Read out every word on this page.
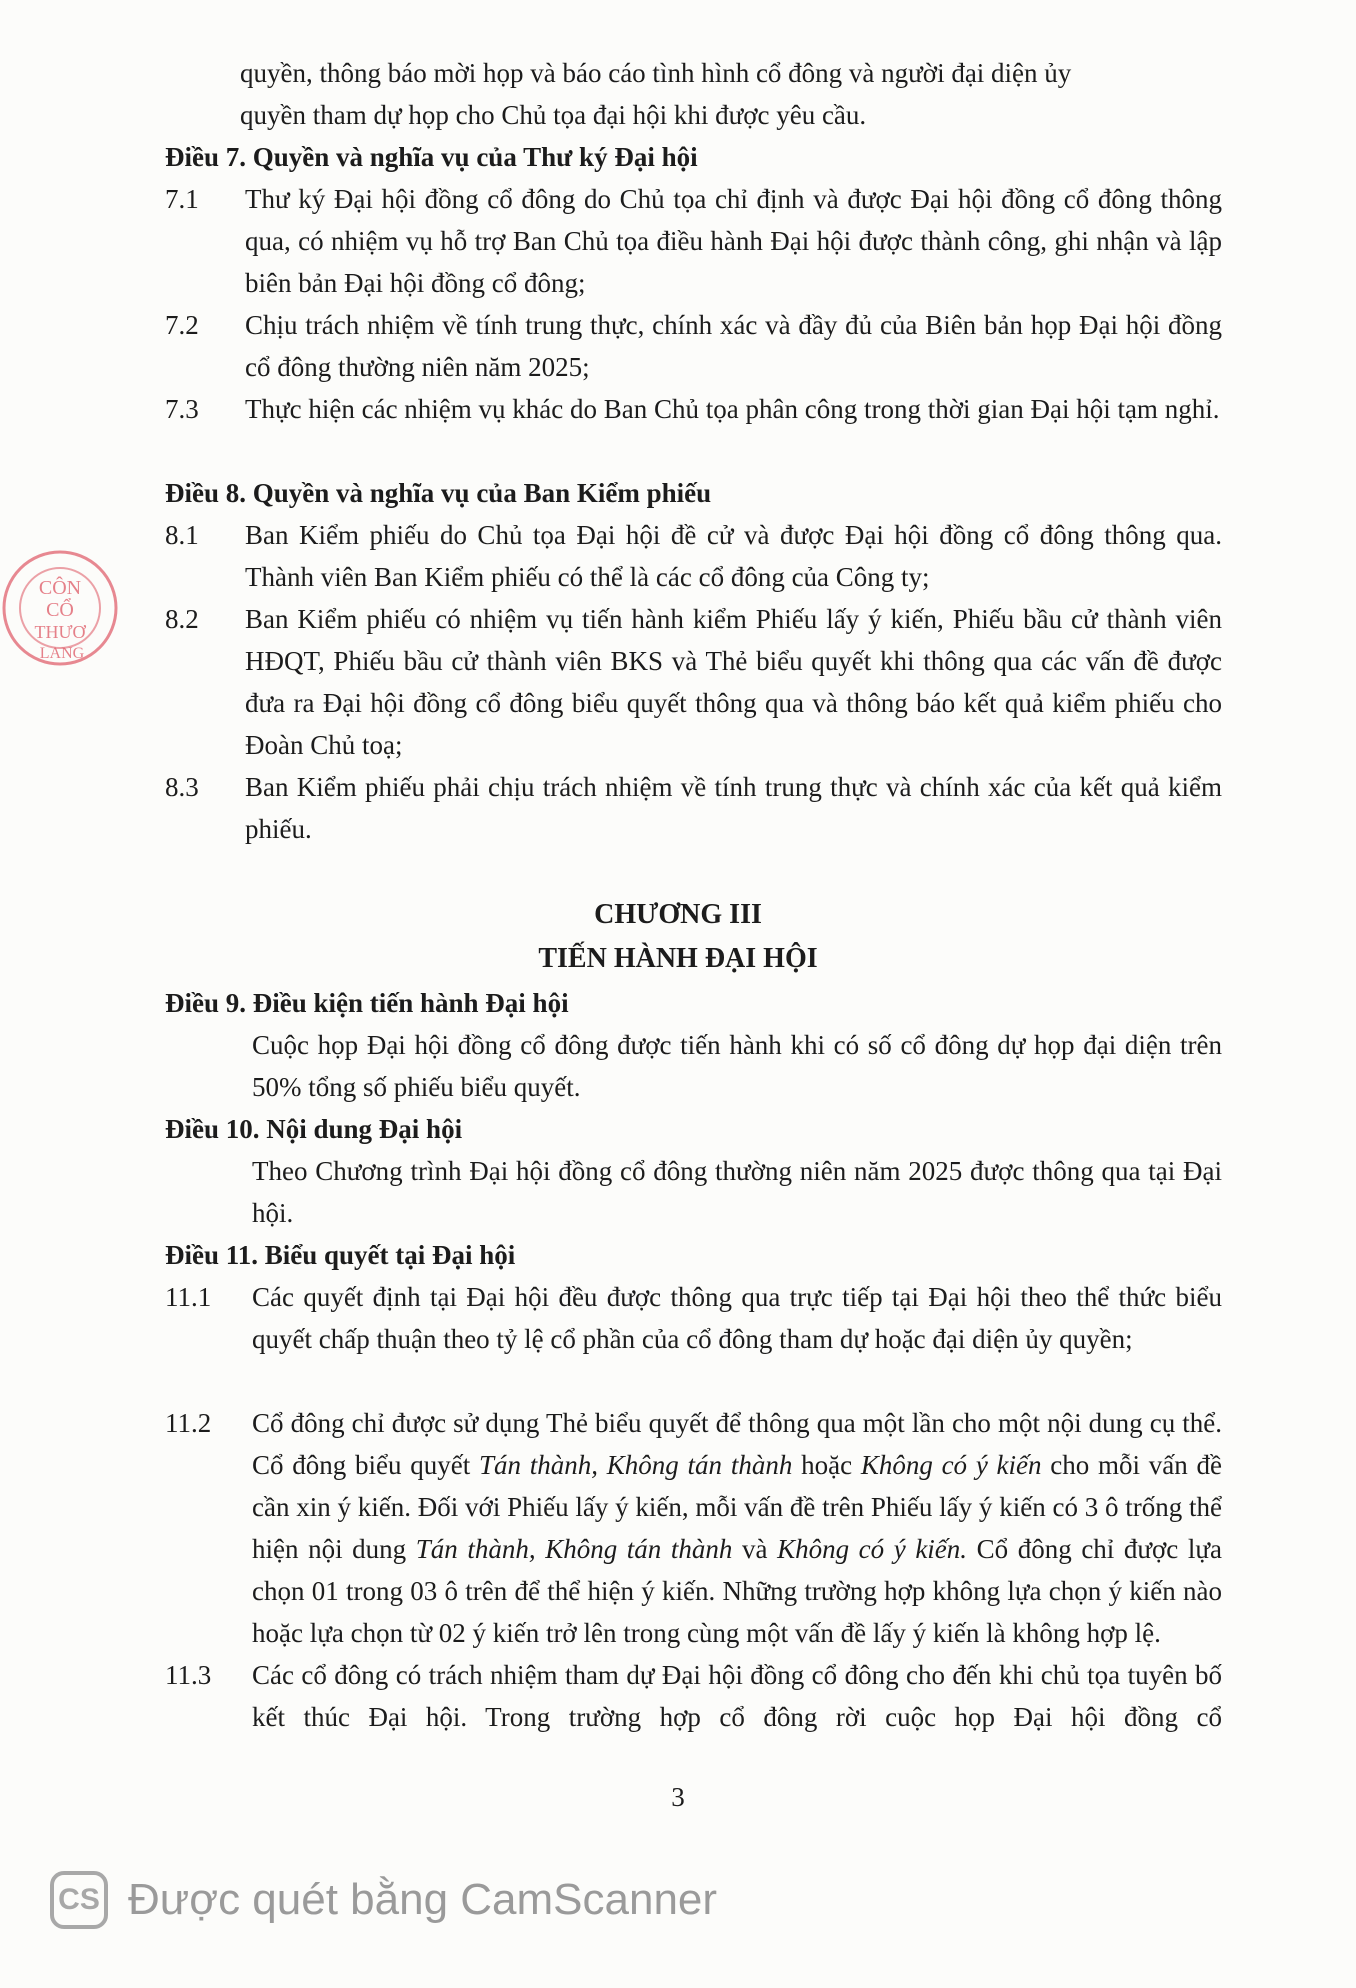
CÔN
CỔ
THƯƠ
LANG

quyền, thông báo mời họp và báo cáo tình hình cổ đông và người đại diện ủy

quyền tham dự họp cho Chủ tọa đại hội khi được yêu cầu.

Điều 7. Quyền và nghĩa vụ của Thư ký Đại hội

7.1 Thư ký Đại hội đồng cổ đông do Chủ tọa chỉ định và được Đại hội đồng cổ đông thông qua, có nhiệm vụ hỗ trợ Ban Chủ tọa điều hành Đại hội được thành công, ghi nhận và lập biên bản Đại hội đồng cổ đông;

7.2 Chịu trách nhiệm về tính trung thực, chính xác và đầy đủ của Biên bản họp Đại hội đồng cổ đông thường niên năm 2025;

7.3 Thực hiện các nhiệm vụ khác do Ban Chủ tọa phân công trong thời gian Đại hội tạm nghỉ.

Điều 8. Quyền và nghĩa vụ của Ban Kiểm phiếu

8.1 Ban Kiểm phiếu do Chủ tọa Đại hội đề cử và được Đại hội đồng cổ đông thông qua. Thành viên Ban Kiểm phiếu có thể là các cổ đông của Công ty;

8.2 Ban Kiểm phiếu có nhiệm vụ tiến hành kiểm Phiếu lấy ý kiến, Phiếu bầu cử thành viên HĐQT, Phiếu bầu cử thành viên BKS và Thẻ biểu quyết khi thông qua các vấn đề được đưa ra Đại hội đồng cổ đông biểu quyết thông qua và thông báo kết quả kiểm phiếu cho Đoàn Chủ toạ;

8.3 Ban Kiểm phiếu phải chịu trách nhiệm về tính trung thực và chính xác của kết quả kiểm phiếu.

CHƯƠNG III

TIẾN HÀNH ĐẠI HỘI

Điều 9. Điều kiện tiến hành Đại hội

Cuộc họp Đại hội đồng cổ đông được tiến hành khi có số cổ đông dự họp đại diện trên 50% tổng số phiếu biểu quyết.

Điều 10. Nội dung Đại hội

Theo Chương trình Đại hội đồng cổ đông thường niên năm 2025 được thông qua tại Đại hội.

Điều 11. Biểu quyết tại Đại hội

11.1 Các quyết định tại Đại hội đều được thông qua trực tiếp tại Đại hội theo thể thức biểu quyết chấp thuận theo tỷ lệ cổ phần của cổ đông tham dự hoặc đại diện ủy quyền;

11.2 Cổ đông chỉ được sử dụng Thẻ biểu quyết để thông qua một lần cho một nội dung cụ thể. Cổ đông biểu quyết Tán thành, Không tán thành hoặc Không có ý kiến cho mỗi vấn đề cần xin ý kiến. Đối với Phiếu lấy ý kiến, mỗi vấn đề trên Phiếu lấy ý kiến có 3 ô trống thể hiện nội dung Tán thành, Không tán thành và Không có ý kiến. Cổ đông chỉ được lựa chọn 01 trong 03 ô trên để thể hiện ý kiến. Những trường hợp không lựa chọn ý kiến nào hoặc lựa chọn từ 02 ý kiến trở lên trong cùng một vấn đề lấy ý kiến là không hợp lệ.

11.3 Các cổ đông có trách nhiệm tham dự Đại hội đồng cổ đông cho đến khi chủ tọa tuyên bố kết thúc Đại hội. Trong trường hợp cổ đông rời cuộc họp Đại hội đồng cổ

3
CS Được quét bằng CamScanner
